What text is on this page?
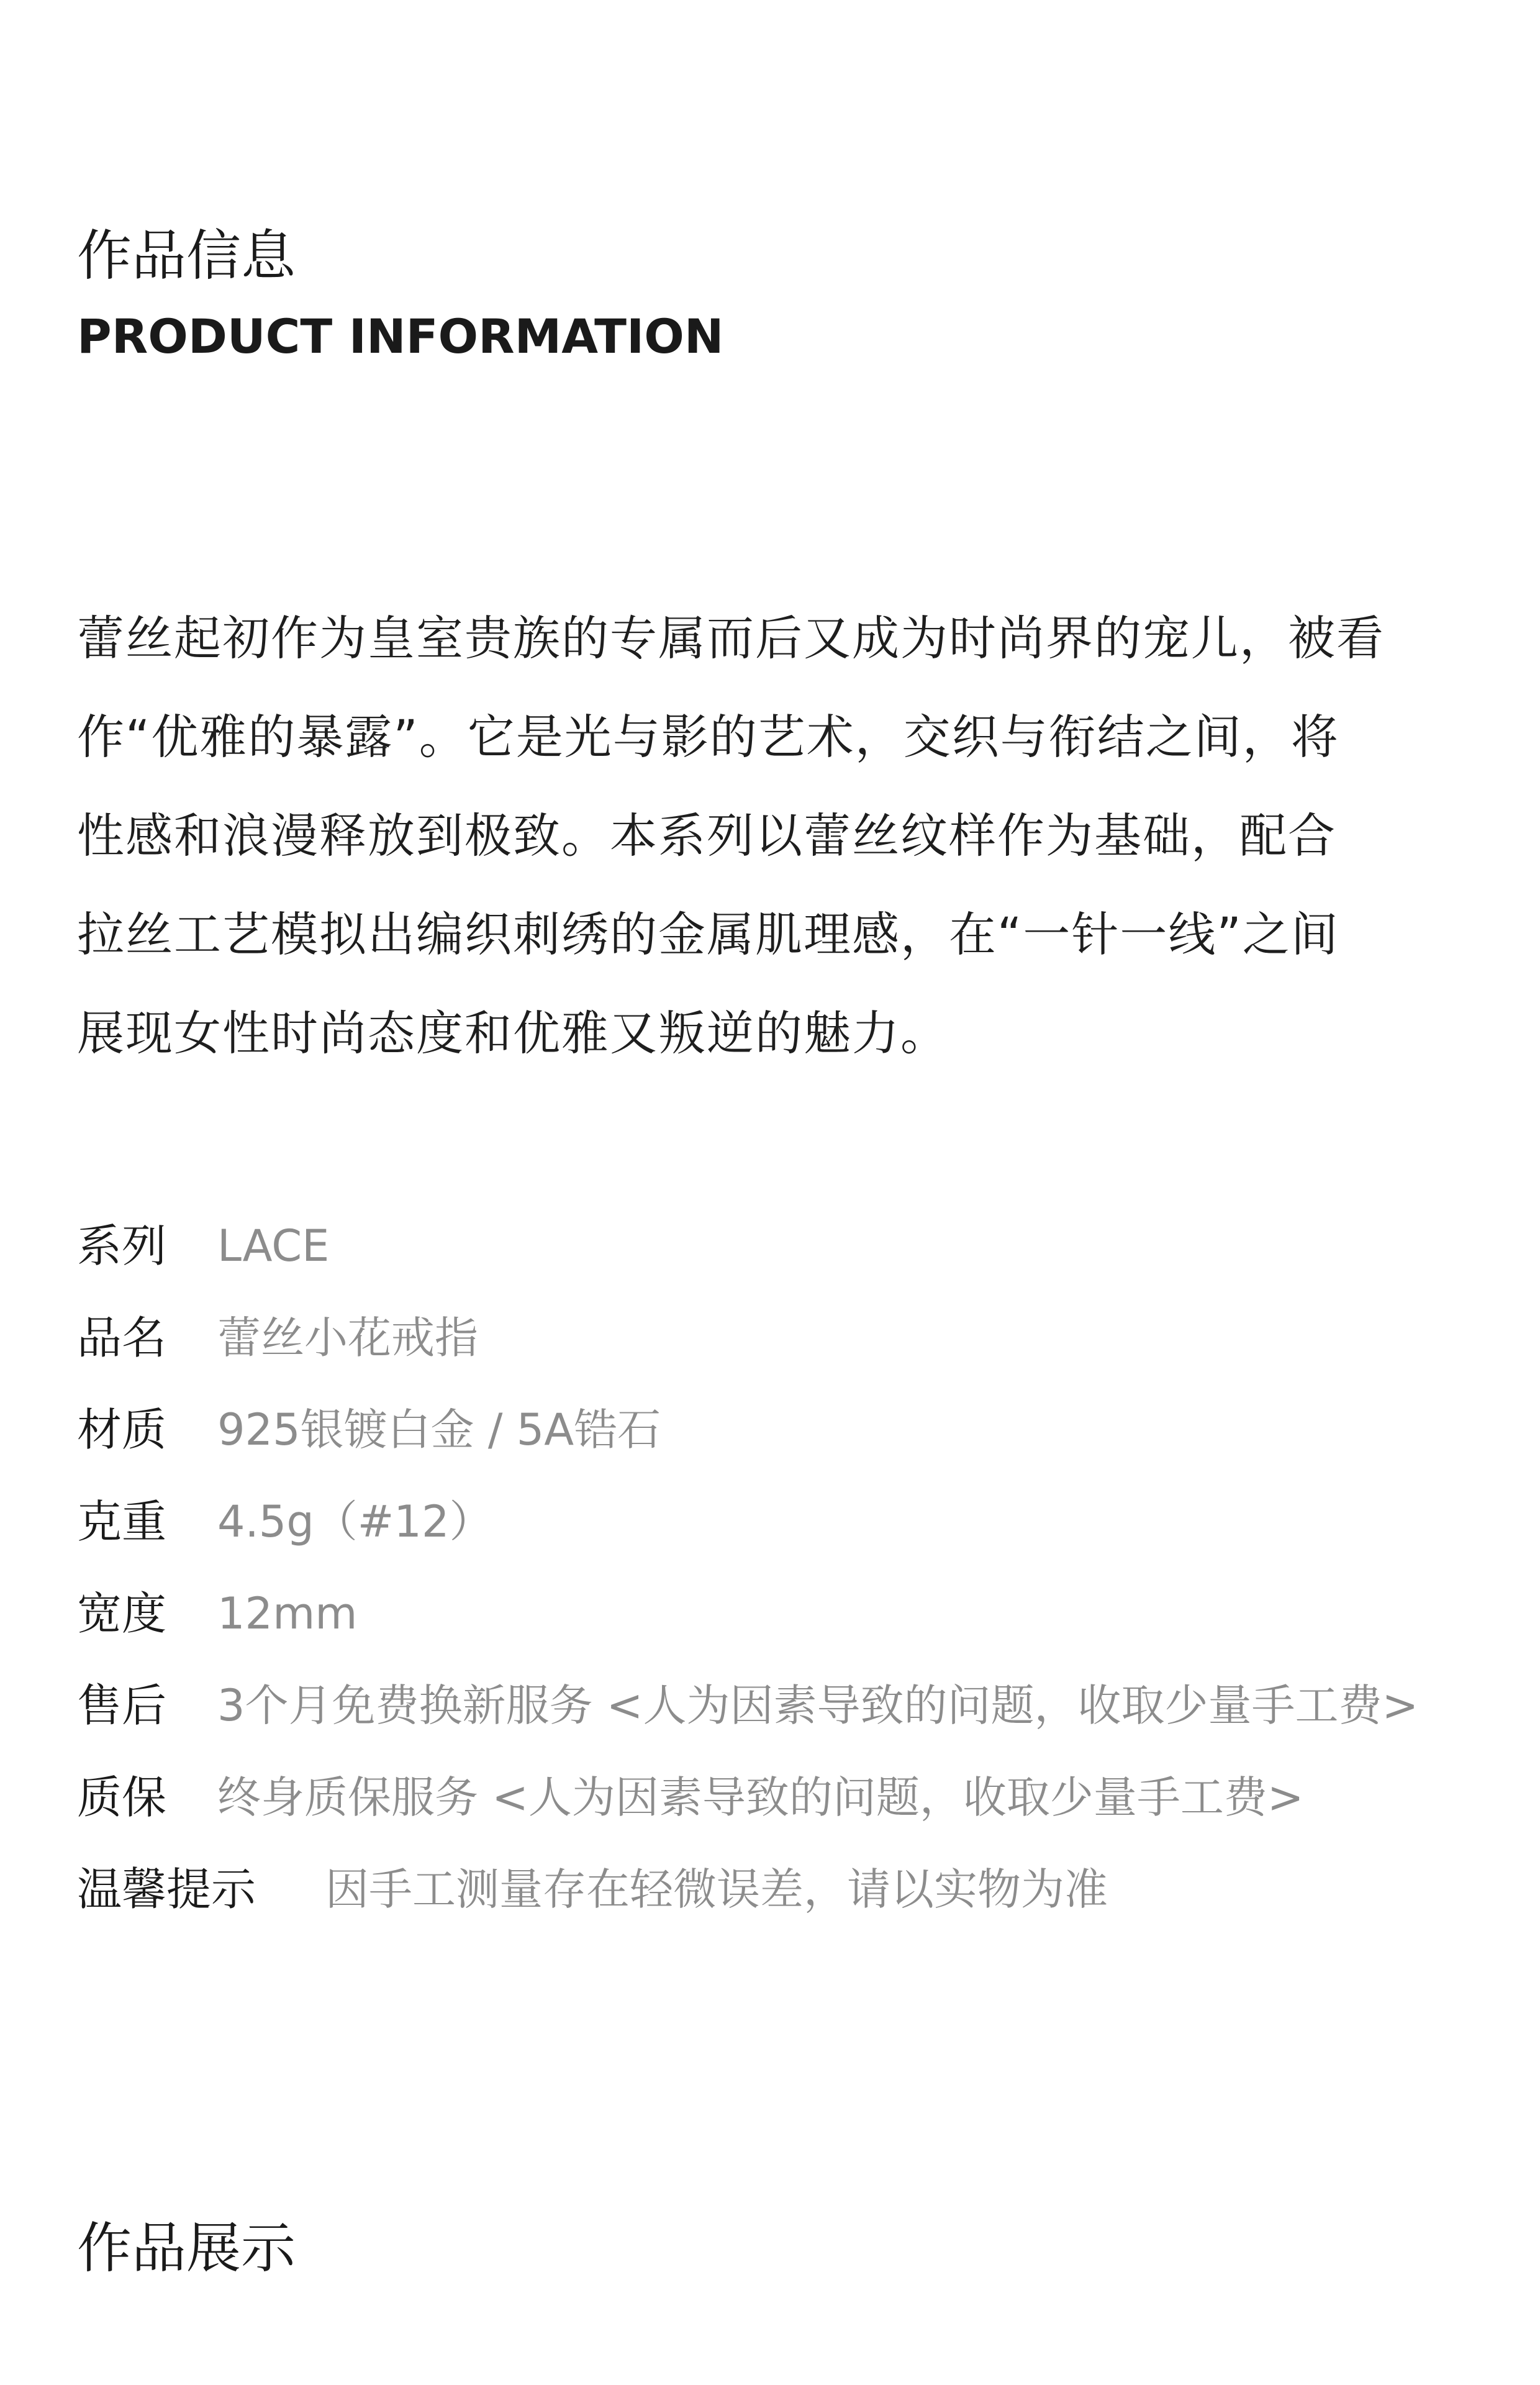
作品信息
PRODUCT INFORMATION
蕾丝起初作为皇室贵族的专属而后又成为时尚界的宠儿，被看
作“优雅的暴露”。它是光与影的艺术，交织与衔结之间，将
性感和浪漫释放到极致。本系列以蕾丝纹样作为基础，配合
拉丝工艺模拟出编织刺绣的金属肌理感，在“一针一线”之间
展现女性时尚态度和优雅又叛逆的魅力。
系列 LACE
品名 蕾丝小花戒指
材质 925银镀白金 / 5A锆石
克重 4.5g（#12）
宽度 12mm
售后 3个月免费换新服务 <人为因素导致的问题，收取少量手工费>
质保 终身质保服务 <人为因素导致的问题，收取少量手工费>
温馨提示 因手工测量存在轻微误差，请以实物为准
作品展示
